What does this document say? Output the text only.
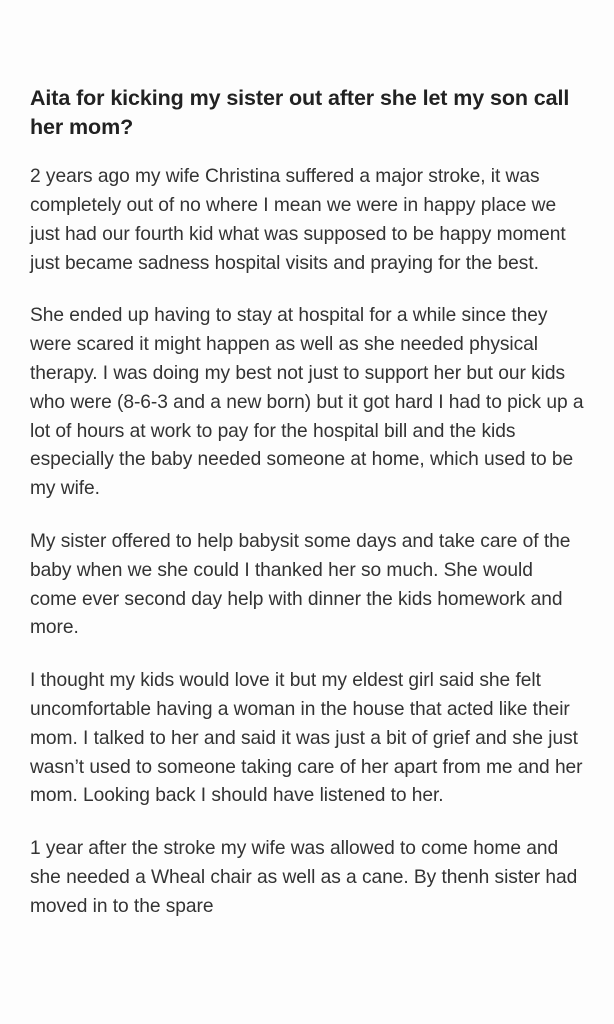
Aita for kicking my sister out after she let my son call her mom?

2 years ago my wife Christina suffered a major stroke, it was completely out of no where I mean we were in happy place we just had our fourth kid what was supposed to be happy moment just became sadness hospital visits and praying for the best.

She ended up having to stay at hospital for a while since they were scared it might happen as well as she needed physical therapy. I was doing my best not just to support her but our kids who were (8-6-3 and a new born) but it got hard I had to pick up a lot of hours at work to pay for the hospital bill and the kids especially the baby needed someone at home, which used to be my wife.

My sister offered to help babysit some days and take care of the baby when we she could I thanked her so much. She would come ever second day help with dinner the kids homework and more.

I thought my kids would love it but my eldest girl said she felt uncomfortable having a woman in the house that acted like their mom. I talked to her and said it was just a bit of grief and she just wasn’t used to someone taking care of her apart from me and her mom. Looking back I should have listened to her.

1 year after the stroke my wife was allowed to come home and she needed a Wheal chair as well as a cane. By thenh sister had moved in to the spare
